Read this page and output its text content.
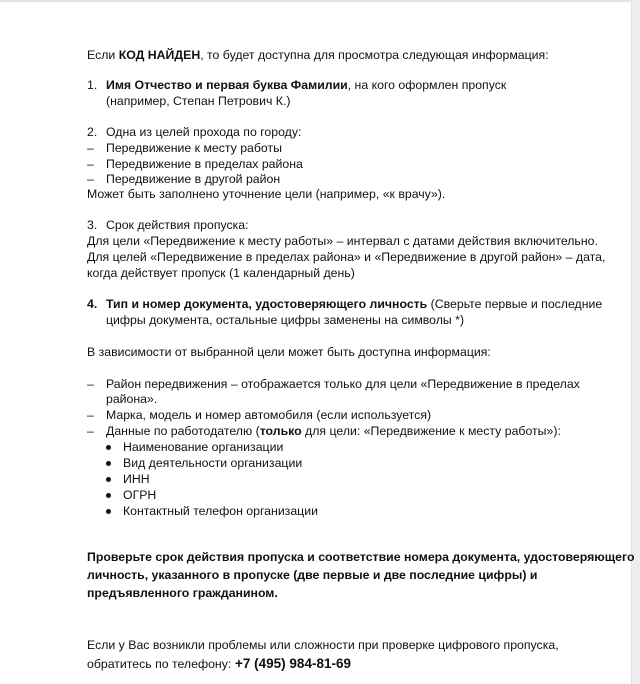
Если КОД НАЙДЕН, то будет доступна для просмотра следующая информация:
1. Имя Отчество и первая буква Фамилии, на кого оформлен пропуск
(например, Степан Петрович К.)
2. Одна из целей прохода по городу:
– Передвижение к месту работы
– Передвижение в пределах района
– Передвижение в другой район
Может быть заполнено уточнение цели (например, «к врачу»).
3. Срок действия пропуска:
Для цели «Передвижение к месту работы» – интервал с датами действия включительно.
Для целей «Передвижение в пределах района» и «Передвижение в другой район» – дата,
когда действует пропуск (1 календарный день)
4. Тип и номер документа, удостоверяющего личность (Сверьте первые и последние
цифры документа, остальные цифры заменены на символы *)
В зависимости от выбранной цели может быть доступна информация:
– Район передвижения – отображается только для цели «Передвижение в пределах
района».
– Марка, модель и номер автомобиля (если используется)
– Данные по работодателю (только для цели: «Передвижение к месту работы»):
Наименование организации
Вид деятельности организации
ИНН
ОГРН
Контактный телефон организации
Проверьте срок действия пропуска и соответствие номера документа, удостоверяющего
личность, указанного в пропуске (две первые и две последние цифры) и
предъявленного гражданином.
Если у Вас возникли проблемы или сложности при проверке цифрового пропуска,
обратитесь по телефону: +7 (495) 984-81-69
